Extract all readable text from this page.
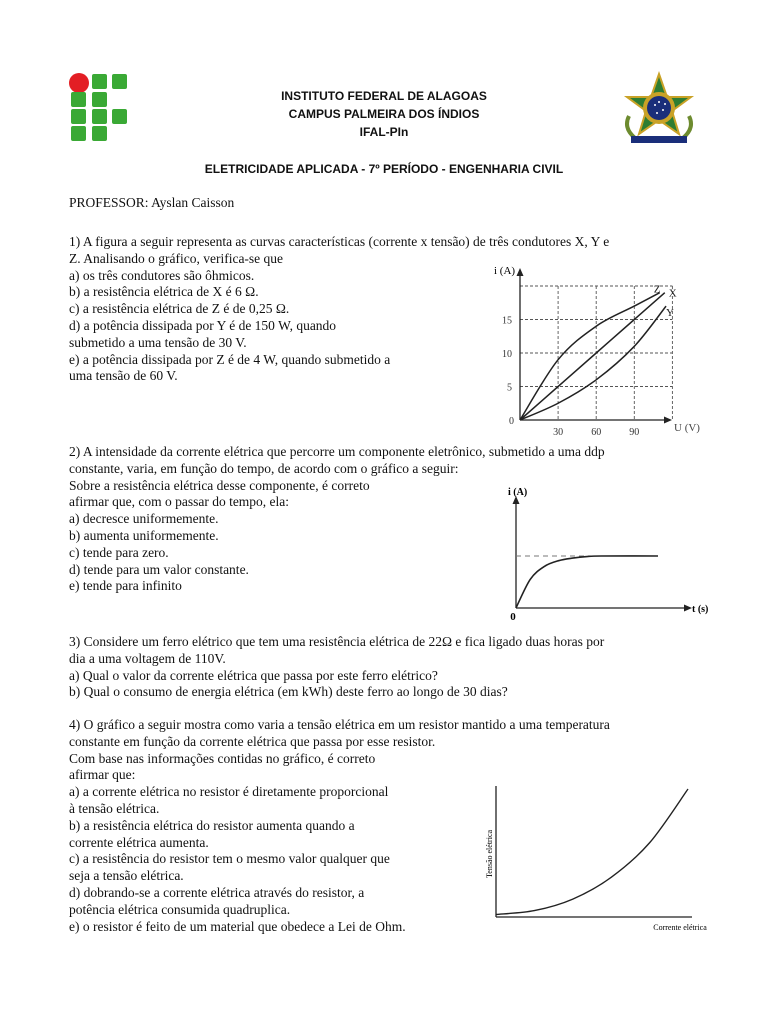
INSTITUTO FEDERAL DE ALAGOAS
CAMPUS PALMEIRA DOS ÍNDIOS
IFAL-PIn
ELETRICIDADE APLICADA - 7º PERÍODO - ENGENHARIA CIVIL
PROFESSOR: Ayslan Caisson
1) A figura a seguir representa as curvas características (corrente x tensão) de três condutores X, Y e
Z. Analisando o gráfico, verifica-se que
a) os três condutores são ôhmicos.
b) a resistência elétrica de X é 6 Ω.
c) a resistência elétrica de Z é de 0,25 Ω.
d) a potência dissipada por Y é de 150 W, quando
submetido a uma tensão de 30 V.
e) a potência dissipada por Z é de 4 W, quando submetido a
uma tensão de 60 V.
2) A intensidade da corrente elétrica que percorre um componente eletrônico, submetido a uma ddp
constante, varia, em função do tempo, de acordo com o gráfico a seguir:
Sobre a resistência elétrica desse componente, é correto
afirmar que, com o passar do tempo, ela:
a) decresce uniformemente.
b) aumenta uniformemente.
c) tende para zero.
d) tende para um valor constante.
e) tende para infinito
3) Considere um ferro elétrico que tem uma resistência elétrica de 22Ω e fica ligado duas horas por
dia a uma voltagem de 110V.
a) Qual o valor da corrente elétrica que passa por este ferro elétrico?
b) Qual o consumo de energia elétrica (em kWh) deste ferro ao longo de 30 dias?
4) O gráfico a seguir mostra como varia a tensão elétrica em um resistor mantido a uma temperatura
constante em função da corrente elétrica que passa por esse resistor.
Com base nas informações contidas no gráfico, é correto
afirmar que:
a) a corrente elétrica no resistor é diretamente proporcional
à tensão elétrica.
b) a resistência elétrica do resistor aumenta quando a
corrente elétrica aumenta.
c) a resistência do resistor tem o mesmo valor qualquer que
seja a tensão elétrica.
d) dobrando-se a corrente elétrica através do resistor, a
potência elétrica consumida quadruplica.
e) o resistor é feito de um material que obedece a Lei de Ohm.
Z X
Y
0
30	60	90
5
10
15
i (A)
U (V)
i (A)
t (s)
0
Tensão elétrica
Corrente elétrica
